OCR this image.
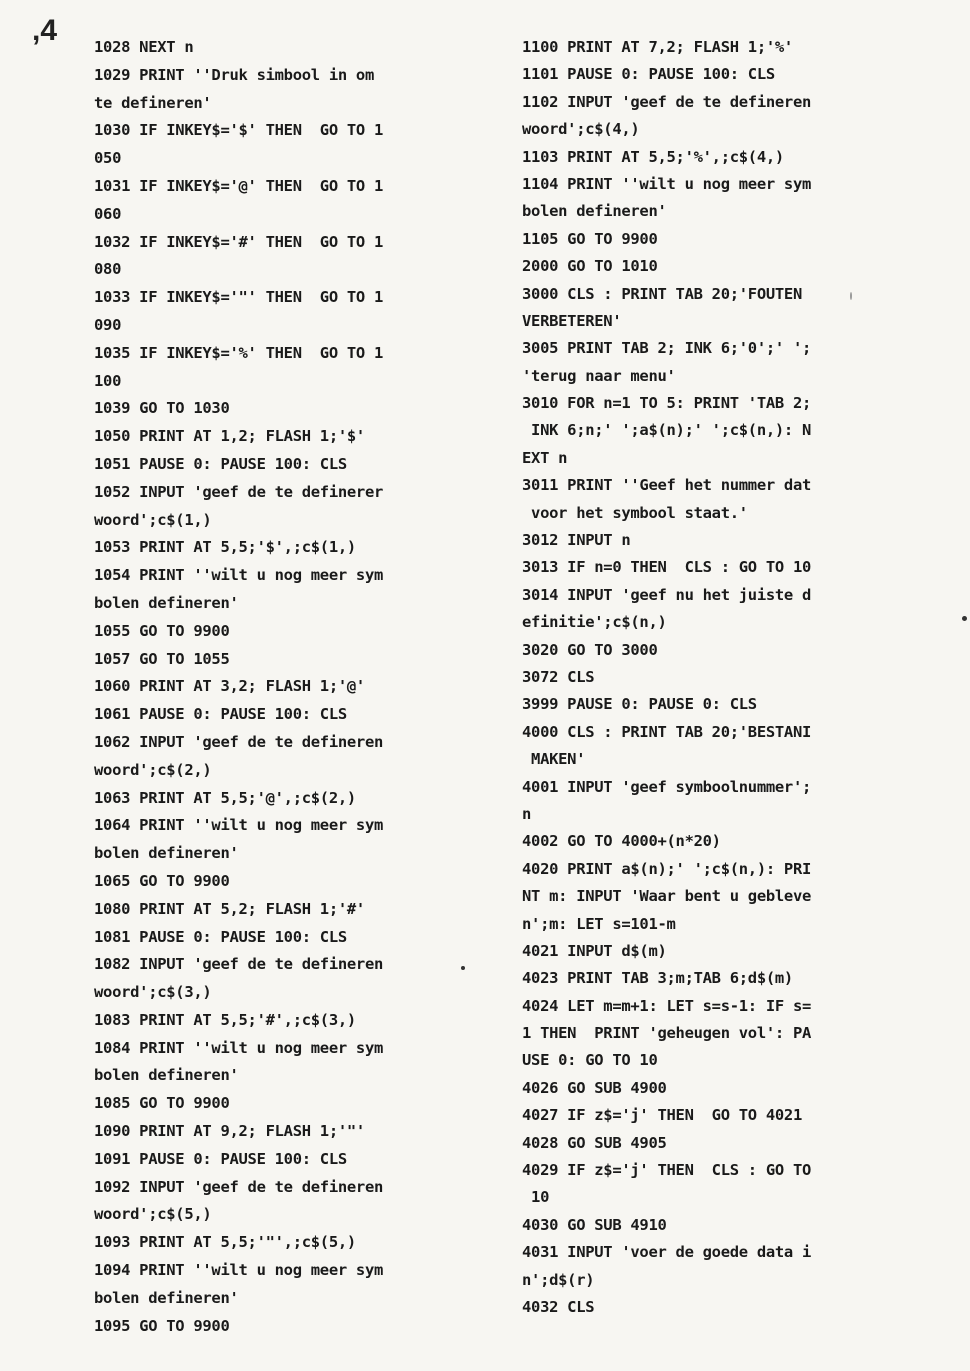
,4 1028 NEXT n
1029 PRINT ''Druk simbool in om
te defineren'
1030 IF INKEY$='$' THEN  GO TO 1
050
1031 IF INKEY$='@' THEN  GO TO 1
060
1032 IF INKEY$='#' THEN  GO TO 1
080
1033 IF INKEY$='"' THEN  GO TO 1
090
1035 IF INKEY$='%' THEN  GO TO 1
100
1039 GO TO 1030
1050 PRINT AT 1,2; FLASH 1;'$'
1051 PAUSE 0: PAUSE 100: CLS
1052 INPUT 'geef de te definerer
woord';c$(1,)
1053 PRINT AT 5,5;'$',;c$(1,)
1054 PRINT ''wilt u nog meer sym
bolen defineren'
1055 GO TO 9900
1057 GO TO 1055
1060 PRINT AT 3,2; FLASH 1;'@'
1061 PAUSE 0: PAUSE 100: CLS
1062 INPUT 'geef de te defineren
woord';c$(2,)
1063 PRINT AT 5,5;'@',;c$(2,)
1064 PRINT ''wilt u nog meer sym
bolen defineren'
1065 GO TO 9900
1080 PRINT AT 5,2; FLASH 1;'#'
1081 PAUSE 0: PAUSE 100: CLS
1082 INPUT 'geef de te defineren
woord';c$(3,)
1083 PRINT AT 5,5;'#',;c$(3,)
1084 PRINT ''wilt u nog meer sym
bolen defineren'
1085 GO TO 9900
1090 PRINT AT 9,2; FLASH 1;'"'
1091 PAUSE 0: PAUSE 100: CLS
1092 INPUT 'geef de te defineren
woord';c$(5,)
1093 PRINT AT 5,5;'"',;c$(5,)
1094 PRINT ''wilt u nog meer sym
bolen defineren'
1095 GO TO 9900
1100 PRINT AT 7,2; FLASH 1;'%'
1101 PAUSE 0: PAUSE 100: CLS
1102 INPUT 'geef de te defineren
woord';c$(4,)
1103 PRINT AT 5,5;'%',;c$(4,)
1104 PRINT ''wilt u nog meer sym
bolen defineren'
1105 GO TO 9900
2000 GO TO 1010
3000 CLS : PRINT TAB 20;'FOUTEN
VERBETEREN'
3005 PRINT TAB 2; INK 6;'0';' ';
'terug naar menu'
3010 FOR n=1 TO 5: PRINT 'TAB 2;
INK 6;n;' ';a$(n);' ';c$(n,): N
EXT n
3011 PRINT ''Geef het nummer dat
voor het symbool staat.'
3012 INPUT n
3013 IF n=0 THEN  CLS : GO TO 10
3014 INPUT 'geef nu het juiste d
efinitie';c$(n,)
3020 GO TO 3000
3072 CLS
3999 PAUSE 0: PAUSE 0: CLS
4000 CLS : PRINT TAB 20;'BESTANI
MAKEN'
4001 INPUT 'geef symboolnummer';
n
4002 GO TO 4000+(n*20)
4020 PRINT a$(n);' ';c$(n,): PRI
NT m: INPUT 'Waar bent u gebleve
n';m: LET s=101-m
4021 INPUT d$(m)
4023 PRINT TAB 3;m;TAB 6;d$(m)
4024 LET m=m+1: LET s=s-1: IF s=
1 THEN  PRINT 'geheugen vol': PA
USE 0: GO TO 10
4026 GO SUB 4900
4027 IF z$='j' THEN  GO TO 4021
4028 GO SUB 4905
4029 IF z$='j' THEN  CLS : GO TO
10
4030 GO SUB 4910
4031 INPUT 'voer de goede data i
n';d$(r)
4032 CLS
